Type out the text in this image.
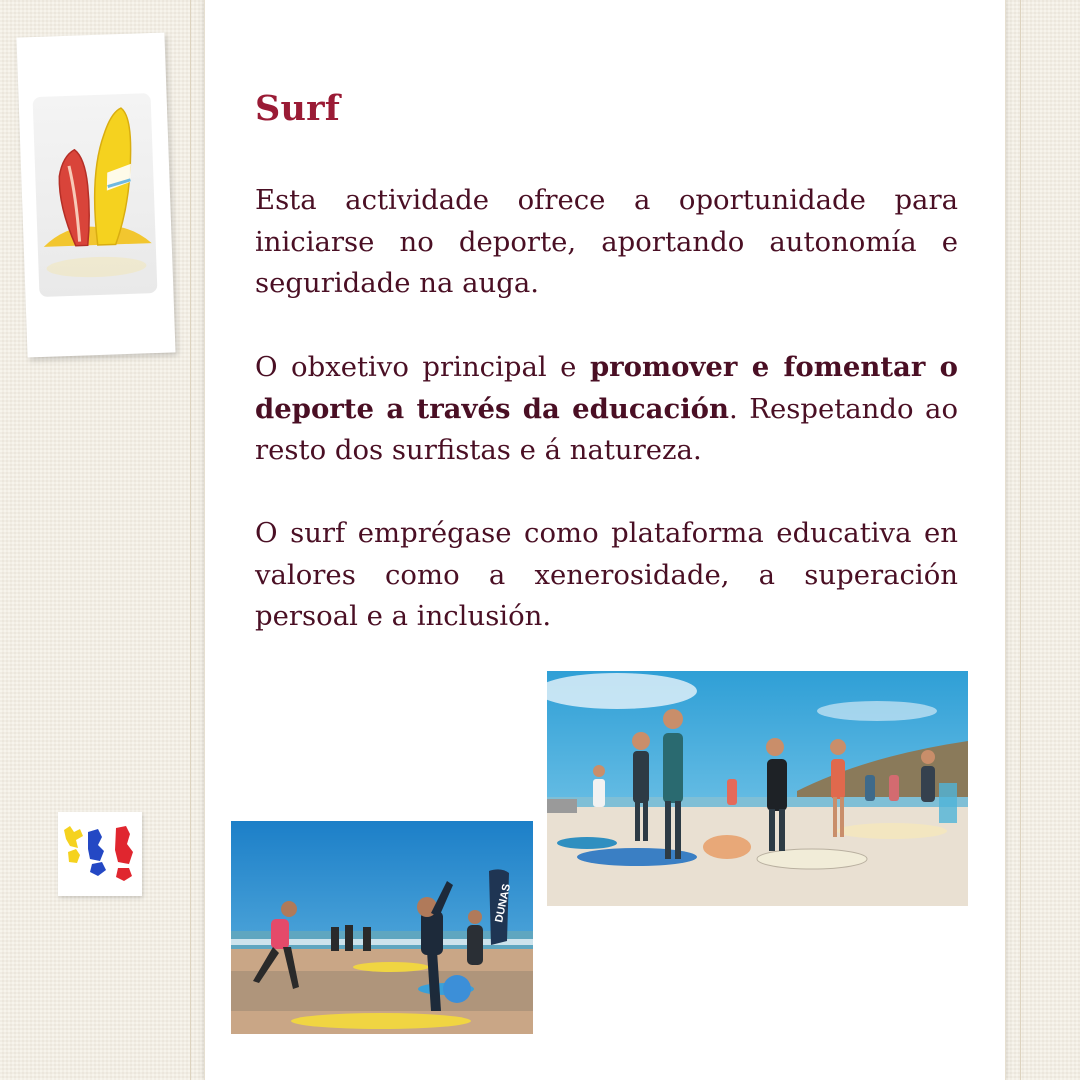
Surf

Esta actividade ofrece a oportunidade para iniciarse no deporte, aportando autonomía e seguridade na auga.

O obxetivo principal e promover e fomentar o deporte a través da educación. Respetando ao resto dos surfistas e á natureza.

O surf emprégase como plataforma educativa en valores como a xenerosidade, a superación persoal e a inclusión.

DUNAS
